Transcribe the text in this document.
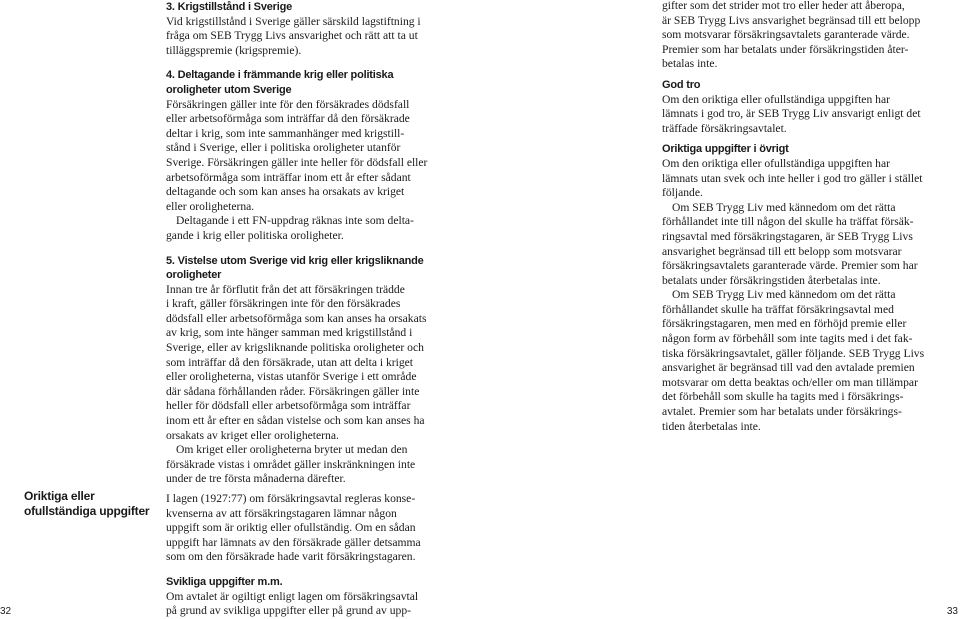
3. Krigstillstånd i Sverige
Vid krigstillstånd i Sverige gäller särskild lagstiftning i
fråga om SEB Trygg Livs ansvarighet och rätt att ta ut
tilläggspremie (krigspremie).
4. Deltagande i främmande krig eller politiska
oroligheter utom Sverige
Försäkringen gäller inte för den försäkrades dödsfall
eller arbetsoförmåga som inträffar då den försäkrade
deltar i krig, som inte sammanhänger med krigstill-
stånd i Sverige, eller i politiska oroligheter utanför
Sverige. Försäkringen gäller inte heller för dödsfall eller
arbetsoförmåga som inträffar inom ett år efter sådant
deltagande och som kan anses ha orsakats av kriget
eller oroligheterna.
Deltagande i ett FN-uppdrag räknas inte som delta-
gande i krig eller politiska oroligheter.
5. Vistelse utom Sverige vid krig eller krigsliknande
oroligheter
Innan tre år förflutit från det att försäkringen trädde
i kraft, gäller försäkringen inte för den försäkrades
dödsfall eller arbetsoförmåga som kan anses ha orsakats
av krig, som inte hänger samman med krigstillstånd i
Sverige, eller av krigsliknande politiska oroligheter och
som inträffar då den försäkrade, utan att delta i kriget
eller oroligheterna, vistas utanför Sverige i ett område
där sådana förhållanden råder. Försäkringen gäller inte
heller för dödsfall eller arbetsoförmåga som inträffar
inom ett år efter en sådan vistelse och som kan anses ha
orsakats av kriget eller oroligheterna.
Om kriget eller oroligheterna bryter ut medan den
försäkrade vistas i området gäller inskränkningen inte
under de tre första månaderna därefter.
Oriktiga eller ofullständiga uppgifter
I lagen (1927:77) om försäkringsavtal regleras konse-
kvenserna av att försäkringstagaren lämnar någon
uppgift som är oriktig eller ofullständig. Om en sådan
uppgift har lämnats av den försäkrade gäller detsamma
som om den försäkrade hade varit försäkringstagaren.
Svikliga uppgifter m.m.
Om avtalet är ogiltigt enligt lagen om försäkringsavtal
på grund av svikliga uppgifter eller på grund av upp-
gifter som det strider mot tro eller heder att åberopa,
är SEB Trygg Livs ansvarighet begränsad till ett belopp
som motsvarar försäkringsavtalets garanterade värde.
Premier som har betalats under försäkringstiden åter-
betalas inte.
God tro
Om den oriktiga eller ofullständiga uppgiften har
lämnats i god tro, är SEB Trygg Liv ansvarigt enligt det
träffade försäkringsavtalet.
Oriktiga uppgifter i övrigt
Om den oriktiga eller ofullständiga uppgiften har
lämnats utan svek och inte heller i god tro gäller i stället
följande.
Om SEB Trygg Liv med kännedom om det rätta
förhållandet inte till någon del skulle ha träffat försäk-
ringsavtal med försäkringstagaren, är SEB Trygg Livs
ansvarighet begränsad till ett belopp som motsvarar
försäkringsavtalets garanterade värde. Premier som har
betalats under försäkringstiden återbetalas inte.
Om SEB Trygg Liv med kännedom om det rätta
förhållandet skulle ha träffat försäkringsavtal med
försäkringstagaren, men med en förhöjd premie eller
någon form av förbehåll som inte tagits med i det fak-
tiska försäkringsavtalet, gäller följande. SEB Trygg Livs
ansvarighet är begränsad till vad den avtalade premien
motsvarar om detta beaktas och/eller om man tillämpar
det förbehåll som skulle ha tagits med i försäkrings-
avtalet. Premier som har betalats under försäkrings-
tiden återbetalas inte.
32	33
